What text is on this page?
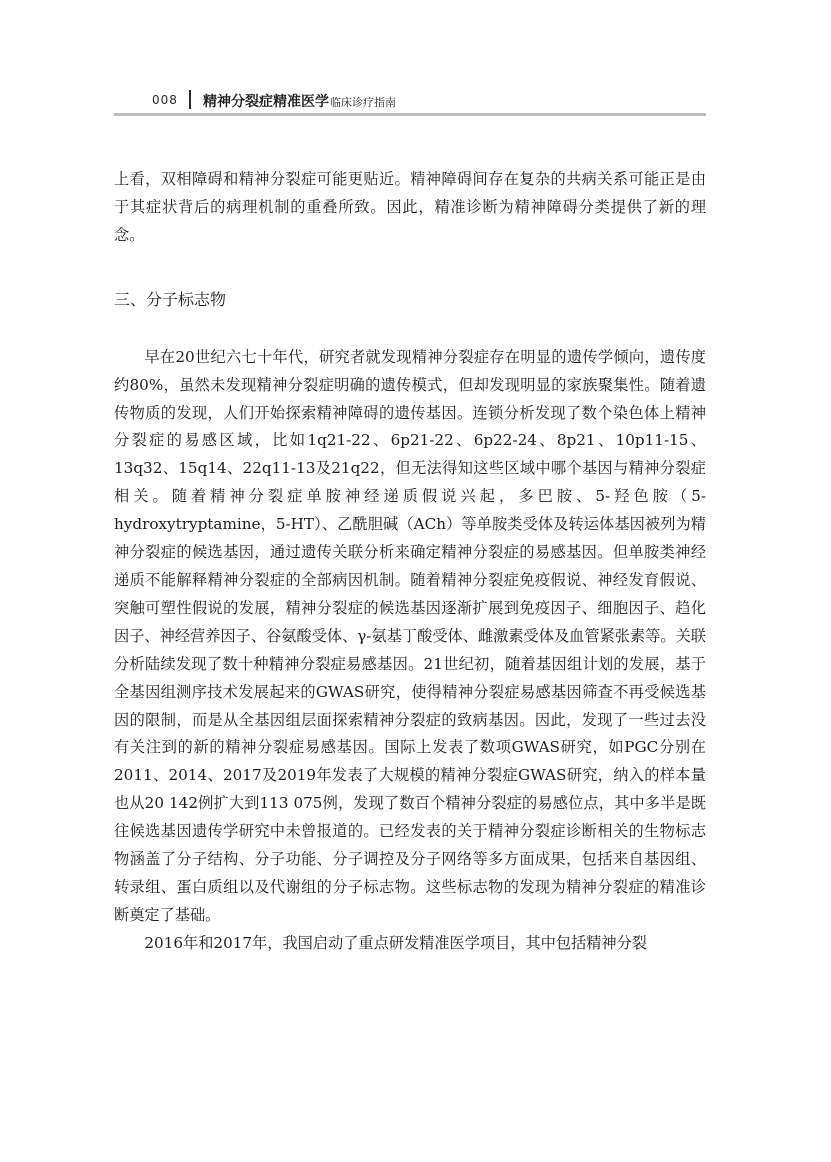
008 精神分裂症精准医学临床诊疗指南

上看，双相障碍和精神分裂症可能更贴近。精神障碍间存在复杂的共病关系可能正是由于其症状背后的病理机制的重叠所致。因此，精准诊断为精神障碍分类提供了新的理念。

三、分子标志物

早在20世纪六七十年代，研究者就发现精神分裂症存在明显的遗传学倾向，遗传度约80%，虽然未发现精神分裂症明确的遗传模式，但却发现明显的家族聚集性。随着遗传物质的发现，人们开始探索精神障碍的遗传基因。连锁分析发现了数个染色体上精神分裂症的易感区域，比如1q21-22、6p21-22、6p22-24、8p21、10p11-15、13q32、15q14、22q11-13及21q22，但无法得知这些区域中哪个基因与精神分裂症相关。随着精神分裂症单胺神经递质假说兴起，多巴胺、5-羟色胺（5-hydroxytryptamine，5-HT）、乙酰胆碱（ACh）等单胺类受体及转运体基因被列为精神分裂症的候选基因，通过遗传关联分析来确定精神分裂症的易感基因。但单胺类神经递质不能解释精神分裂症的全部病因机制。随着精神分裂症免疫假说、神经发育假说、突触可塑性假说的发展，精神分裂症的候选基因逐渐扩展到免疫因子、细胞因子、趋化因子、神经营养因子、谷氨酸受体、γ-氨基丁酸受体、雌激素受体及血管紧张素等。关联分析陆续发现了数十种精神分裂症易感基因。21世纪初，随着基因组计划的发展，基于全基因组测序技术发展起来的GWAS研究，使得精神分裂症易感基因筛查不再受候选基因的限制，而是从全基因组层面探索精神分裂症的致病基因。因此，发现了一些过去没有关注到的新的精神分裂症易感基因。国际上发表了数项GWAS研究，如PGC分别在2011、2014、2017及2019年发表了大规模的精神分裂症GWAS研究，纳入的样本量也从20 142例扩大到113 075例，发现了数百个精神分裂症的易感位点，其中多半是既往候选基因遗传学研究中未曾报道的。已经发表的关于精神分裂症诊断相关的生物标志物涵盖了分子结构、分子功能、分子调控及分子网络等多方面成果，包括来自基因组、转录组、蛋白质组以及代谢组的分子标志物。这些标志物的发现为精神分裂症的精准诊断奠定了基础。

2016年和2017年，我国启动了重点研发精准医学项目，其中包括精神分裂
